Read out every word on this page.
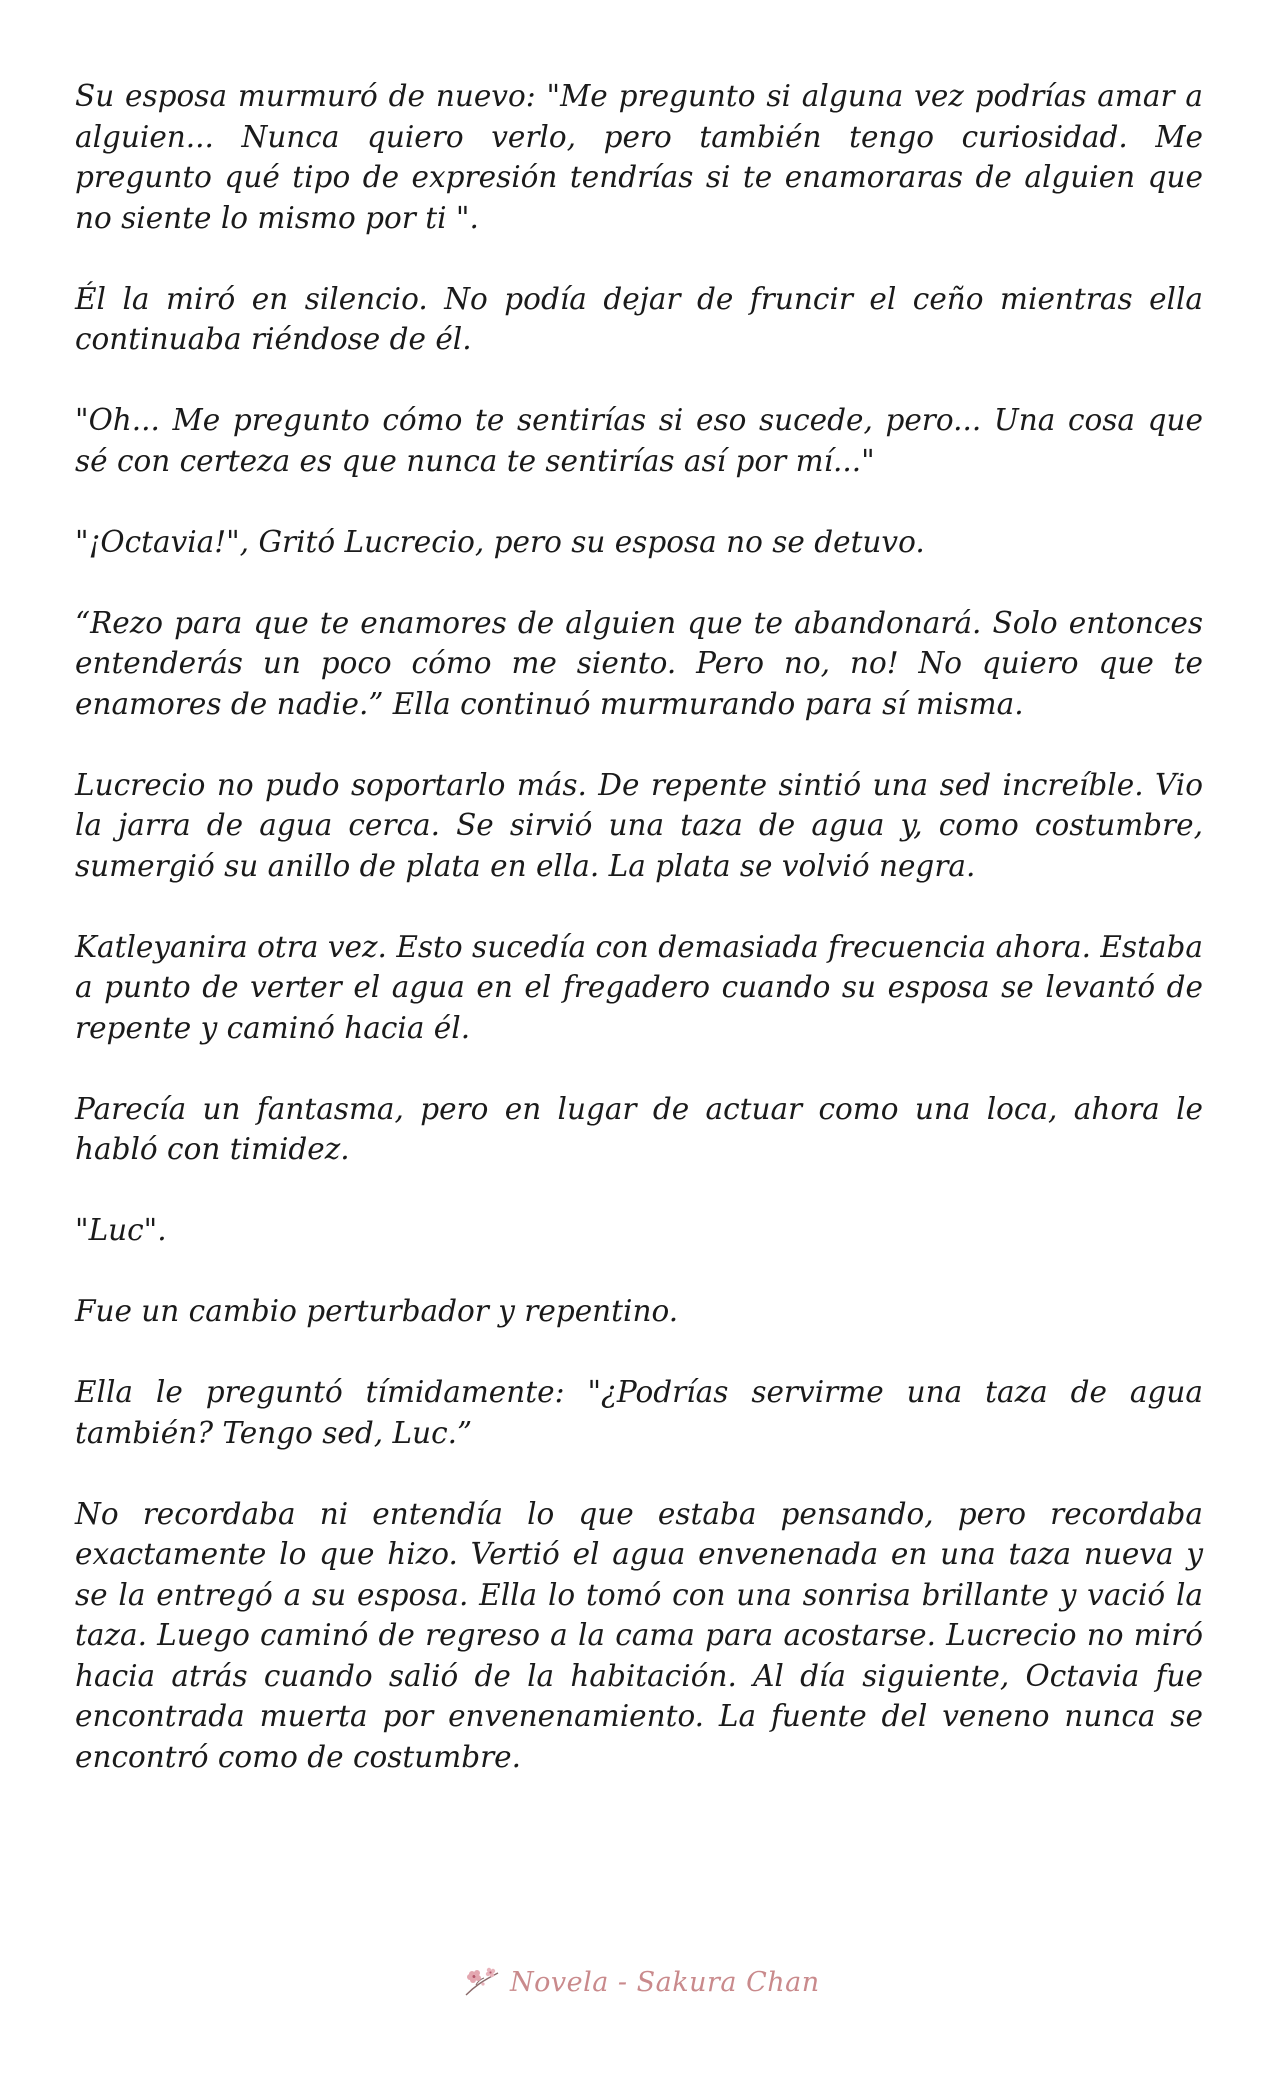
Su esposa murmuró de nuevo: "Me pregunto si alguna vez podrías amar a alguien... Nunca quiero verlo, pero también tengo curiosidad. Me pregunto qué tipo de expresión tendrías si te enamoraras de alguien que no siente lo mismo por ti ".

Él la miró en silencio. No podía dejar de fruncir el ceño mientras ella continuaba riéndose de él.

"Oh... Me pregunto cómo te sentirías si eso sucede, pero... Una cosa que sé con certeza es que nunca te sentirías así por mí..."

"¡Octavia!", Gritó Lucrecio, pero su esposa no se detuvo.

“Rezo para que te enamores de alguien que te abandonará. Solo entonces entenderás un poco cómo me siento. Pero no, no! No quiero que te enamores de nadie.” Ella continuó murmurando para sí misma.

Lucrecio no pudo soportarlo más. De repente sintió una sed increíble. Vio la jarra de agua cerca. Se sirvió una taza de agua y, como costumbre, sumergió su anillo de plata en ella. La plata se volvió negra.

Katleyanira otra vez. Esto sucedía con demasiada frecuencia ahora. Estaba a punto de verter el agua en el fregadero cuando su esposa se levantó de repente y caminó hacia él.

Parecía un fantasma, pero en lugar de actuar como una loca, ahora le habló con timidez.

"Luc".

Fue un cambio perturbador y repentino.

Ella le preguntó tímidamente: "¿Podrías servirme una taza de agua también? Tengo sed, Luc.”

No recordaba ni entendía lo que estaba pensando, pero recordaba exactamente lo que hizo. Vertió el agua envenenada en una taza nueva y se la entregó a su esposa. Ella lo tomó con una sonrisa brillante y vació la taza. Luego caminó de regreso a la cama para acostarse. Lucrecio no miró hacia atrás cuando salió de la habitación. Al día siguiente, Octavia fue encontrada muerta por envenenamiento. La fuente del veneno nunca se encontró como de costumbre.

Novela - Sakura Chan
